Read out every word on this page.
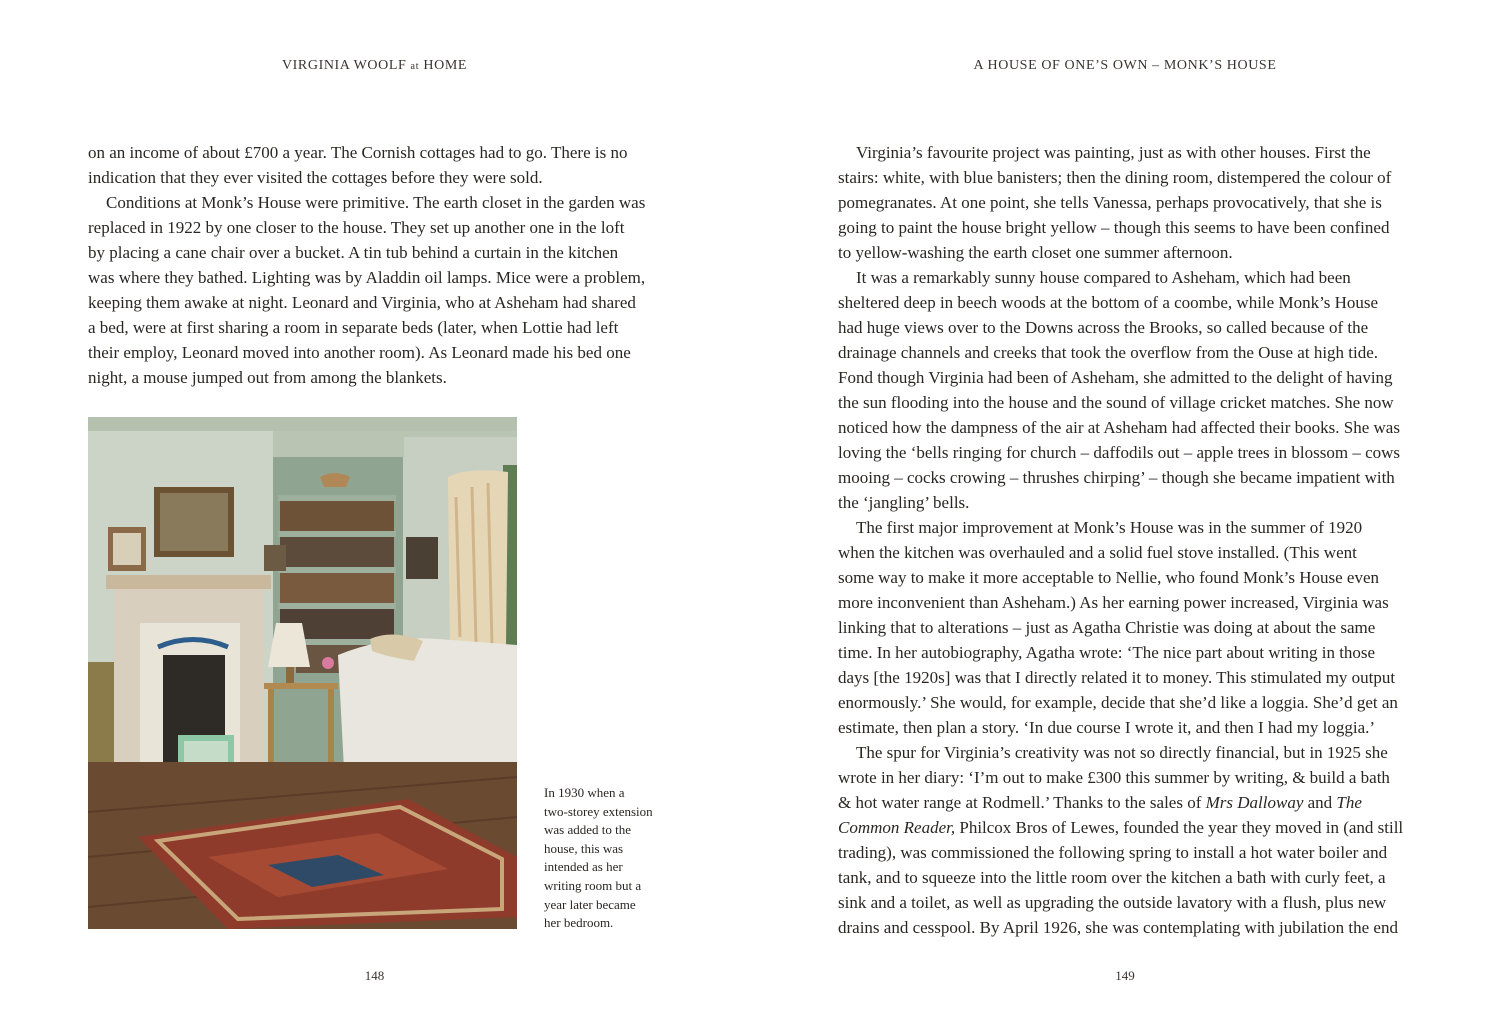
VIRGINIA WOOLF at HOME
on an income of about £700 a year. The Cornish cottages had to go. There is no
indication that they ever visited the cottages before they were sold.
Conditions at Monk’s House were primitive. The earth closet in the garden was
replaced in 1922 by one closer to the house. They set up another one in the loft
by placing a cane chair over a bucket. A tin tub behind a curtain in the kitchen
was where they bathed. Lighting was by Aladdin oil lamps. Mice were a problem,
keeping them awake at night. Leonard and Virginia, who at Asheham had shared
a bed, were at first sharing a room in separate beds (later, when Lottie had left
their employ, Leonard moved into another room). As Leonard made his bed one
night, a mouse jumped out from among the blankets.
In 1930 when a
two-storey extension
was added to the
house, this was
intended as her
writing room but a
year later became
her bedroom.
148
A HOUSE OF ONE’S OWN – MONK’S HOUSE
Virginia’s favourite project was painting, just as with other houses. First the
stairs: white, with blue banisters; then the dining room, distempered the colour of
pomegranates. At one point, she tells Vanessa, perhaps provocatively, that she is
going to paint the house bright yellow – though this seems to have been confined
to yellow-washing the earth closet one summer afternoon.
It was a remarkably sunny house compared to Asheham, which had been
sheltered deep in beech woods at the bottom of a coombe, while Monk’s House
had huge views over to the Downs across the Brooks, so called because of the
drainage channels and creeks that took the overflow from the Ouse at high tide.
Fond though Virginia had been of Asheham, she admitted to the delight of having
the sun flooding into the house and the sound of village cricket matches. She now
noticed how the dampness of the air at Asheham had affected their books. She was
loving the ‘bells ringing for church – daffodils out – apple trees in blossom – cows
mooing – cocks crowing – thrushes chirping’ – though she became impatient with
the ‘jangling’ bells.
The first major improvement at Monk’s House was in the summer of 1920
when the kitchen was overhauled and a solid fuel stove installed. (This went
some way to make it more acceptable to Nellie, who found Monk’s House even
more inconvenient than Asheham.) As her earning power increased, Virginia was
linking that to alterations – just as Agatha Christie was doing at about the same
time. In her autobiography, Agatha wrote: ‘The nice part about writing in those
days [the 1920s] was that I directly related it to money. This stimulated my output
enormously.’ She would, for example, decide that she’d like a loggia. She’d get an
estimate, then plan a story. ‘In due course I wrote it, and then I had my loggia.’
The spur for Virginia’s creativity was not so directly financial, but in 1925 she
wrote in her diary: ‘I’m out to make £300 this summer by writing, & build a bath
& hot water range at Rodmell.’ Thanks to the sales of Mrs Dalloway and The
Common Reader, Philcox Bros of Lewes, founded the year they moved in (and still
trading), was commissioned the following spring to install a hot water boiler and
tank, and to squeeze into the little room over the kitchen a bath with curly feet, a
sink and a toilet, as well as upgrading the outside lavatory with a flush, plus new
drains and cesspool. By April 1926, she was contemplating with jubilation the end
149
